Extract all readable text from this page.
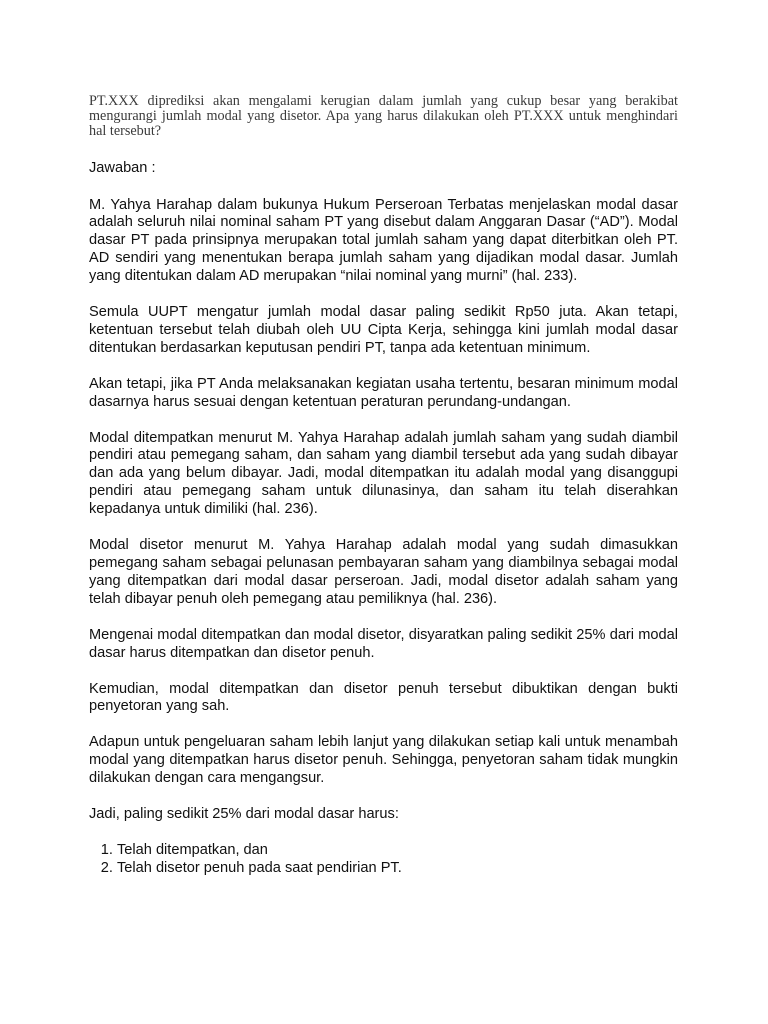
PT.XXX diprediksi akan mengalami kerugian dalam jumlah yang cukup besar yang berakibat mengurangi jumlah modal yang disetor. Apa yang harus dilakukan oleh PT.XXX untuk menghindari hal tersebut?

Jawaban :

M. Yahya Harahap dalam bukunya Hukum Perseroan Terbatas menjelaskan modal dasar adalah seluruh nilai nominal saham PT yang disebut dalam Anggaran Dasar (“AD”). Modal dasar PT pada prinsipnya merupakan total jumlah saham yang dapat diterbitkan oleh PT. AD sendiri yang menentukan berapa jumlah saham yang dijadikan modal dasar. Jumlah yang ditentukan dalam AD merupakan “nilai nominal yang murni” (hal. 233).

Semula UUPT mengatur jumlah modal dasar paling sedikit Rp50 juta. Akan tetapi, ketentuan tersebut telah diubah oleh UU Cipta Kerja, sehingga kini jumlah modal dasar ditentukan berdasarkan keputusan pendiri PT, tanpa ada ketentuan minimum.

Akan tetapi, jika PT Anda melaksanakan kegiatan usaha tertentu, besaran minimum modal dasarnya harus sesuai dengan ketentuan peraturan perundang-undangan.

Modal ditempatkan menurut M. Yahya Harahap adalah jumlah saham yang sudah diambil pendiri atau pemegang saham, dan saham yang diambil tersebut ada yang sudah dibayar dan ada yang belum dibayar. Jadi, modal ditempatkan itu adalah modal yang disanggupi pendiri atau pemegang saham untuk dilunasinya, dan saham itu telah diserahkan kepadanya untuk dimiliki (hal. 236).

Modal disetor menurut M. Yahya Harahap adalah modal yang sudah dimasukkan pemegang saham sebagai pelunasan pembayaran saham yang diambilnya sebagai modal yang ditempatkan dari modal dasar perseroan. Jadi, modal disetor adalah saham yang telah dibayar penuh oleh pemegang atau pemiliknya (hal. 236).

Mengenai modal ditempatkan dan modal disetor, disyaratkan paling sedikit 25% dari modal dasar harus ditempatkan dan disetor penuh.

Kemudian, modal ditempatkan dan disetor penuh tersebut dibuktikan dengan bukti penyetoran yang sah.

Adapun untuk pengeluaran saham lebih lanjut yang dilakukan setiap kali untuk menambah modal yang ditempatkan harus disetor penuh. Sehingga, penyetoran saham tidak mungkin dilakukan dengan cara mengangsur.

Jadi, paling sedikit 25% dari modal dasar harus:

1. Telah ditempatkan, dan
2. Telah disetor penuh pada saat pendirian PT.
